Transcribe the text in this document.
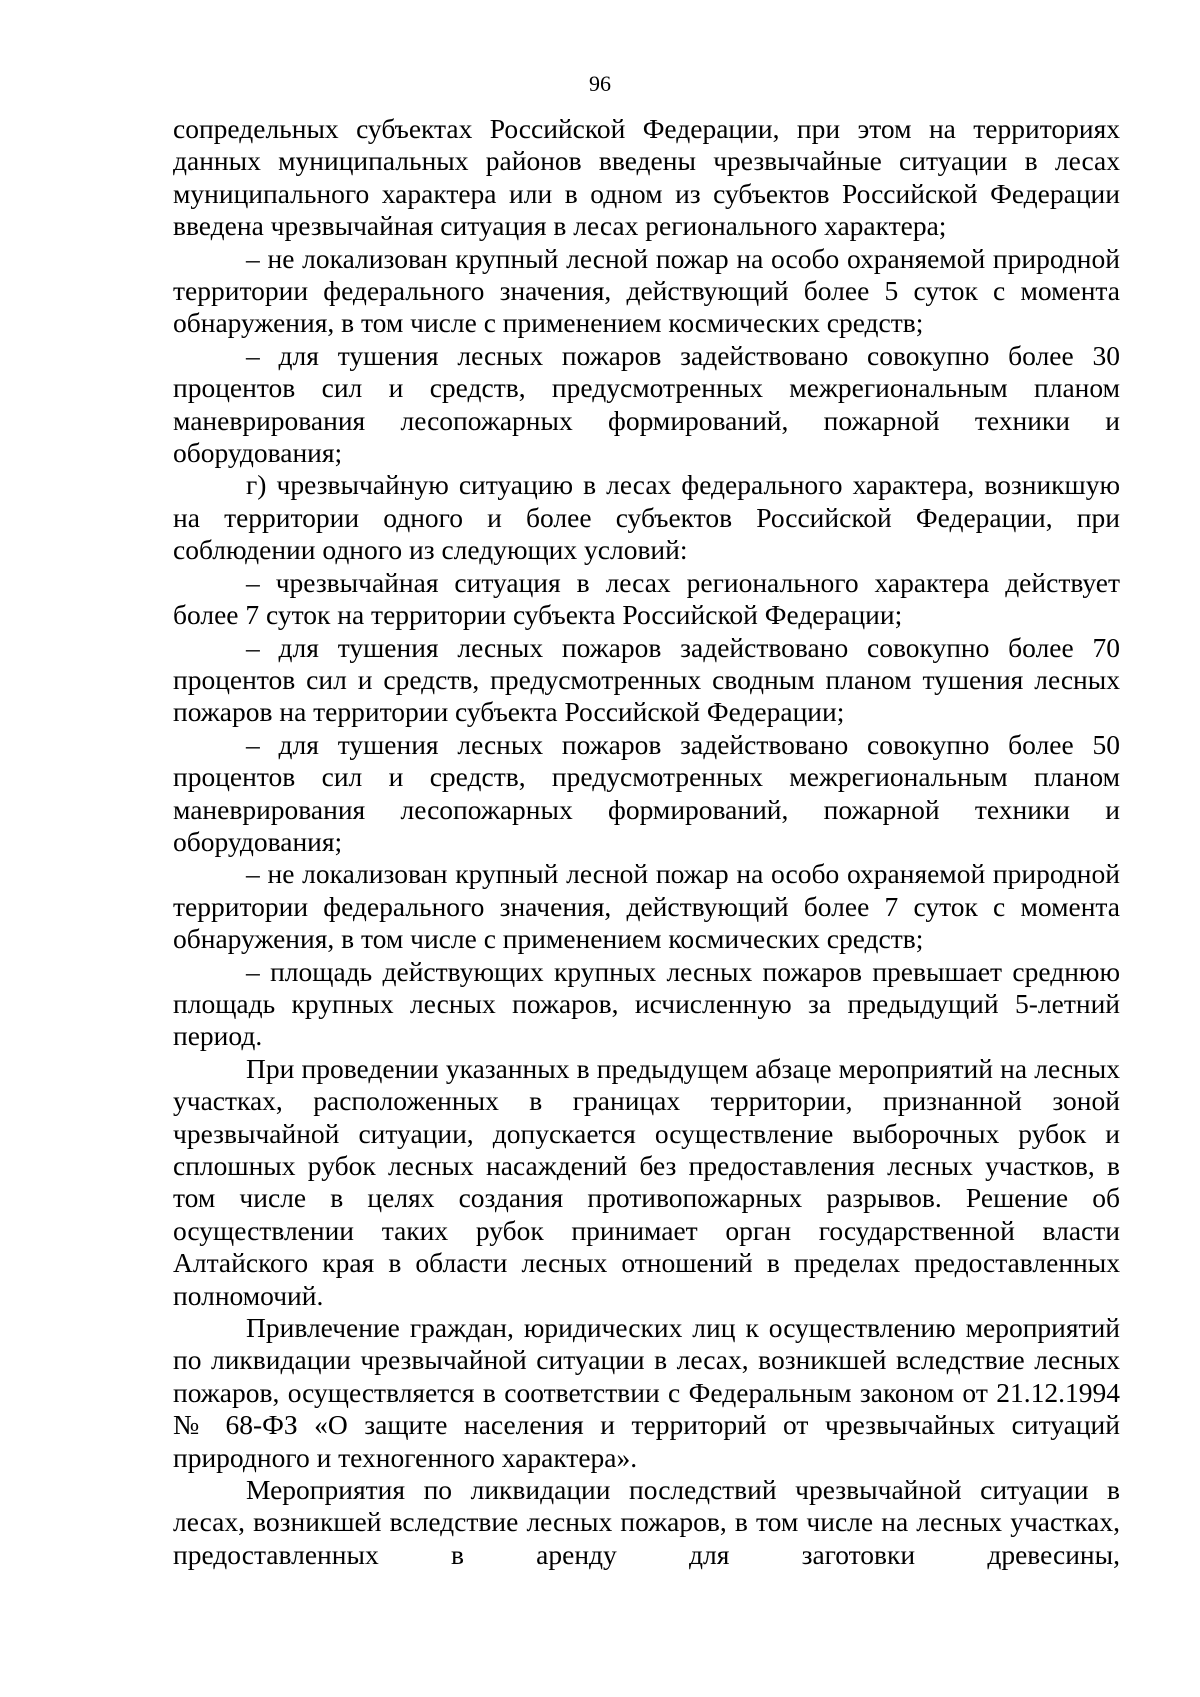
96

сопредельных субъектах Российской Федерации, при этом на территориях данных муниципальных районов введены чрезвычайные ситуации в лесах муниципального характера или в одном из субъектов Российской Федерации введена чрезвычайная ситуация в лесах регионального характера;

– не локализован крупный лесной пожар на особо охраняемой природной территории федерального значения, действующий более 5 суток с момента обнаружения, в том числе с применением космических средств;

– для тушения лесных пожаров задействовано совокупно более 30 процентов сил и средств, предусмотренных межрегиональным планом маневрирования лесопожарных формирований, пожарной техники и оборудования;

г) чрезвычайную ситуацию в лесах федерального характера, возникшую на территории одного и более субъектов Российской Федерации, при соблюдении одного из следующих условий:

– чрезвычайная ситуация в лесах регионального характера действует более 7 суток на территории субъекта Российской Федерации;

– для тушения лесных пожаров задействовано совокупно более 70 процентов сил и средств, предусмотренных сводным планом тушения лесных пожаров на территории субъекта Российской Федерации;

– для тушения лесных пожаров задействовано совокупно более 50 процентов сил и средств, предусмотренных межрегиональным планом маневрирования лесопожарных формирований, пожарной техники и оборудования;

– не локализован крупный лесной пожар на особо охраняемой природной территории федерального значения, действующий более 7 суток с момента обнаружения, в том числе с применением космических средств;

– площадь действующих крупных лесных пожаров превышает среднюю площадь крупных лесных пожаров, исчисленную за предыдущий 5-летний период.

При проведении указанных в предыдущем абзаце мероприятий на лесных участках, расположенных в границах территории, признанной зоной чрезвычайной ситуации, допускается осуществление выборочных рубок и сплошных рубок лесных насаждений без предоставления лесных участков, в том числе в целях создания противопожарных разрывов. Решение об осуществлении таких рубок принимает орган государственной власти Алтайского края в области лесных отношений в пределах предоставленных полномочий.

Привлечение граждан, юридических лиц к осуществлению мероприятий по ликвидации чрезвычайной ситуации в лесах, возникшей вследствие лесных пожаров, осуществляется в соответствии с Федеральным законом от 21.12.1994 № 68-ФЗ «О защите населения и территорий от чрезвычайных ситуаций природного и техногенного характера».

Мероприятия по ликвидации последствий чрезвычайной ситуации в лесах, возникшей вследствие лесных пожаров, в том числе на лесных участках, предоставленных в аренду для заготовки древесины,
